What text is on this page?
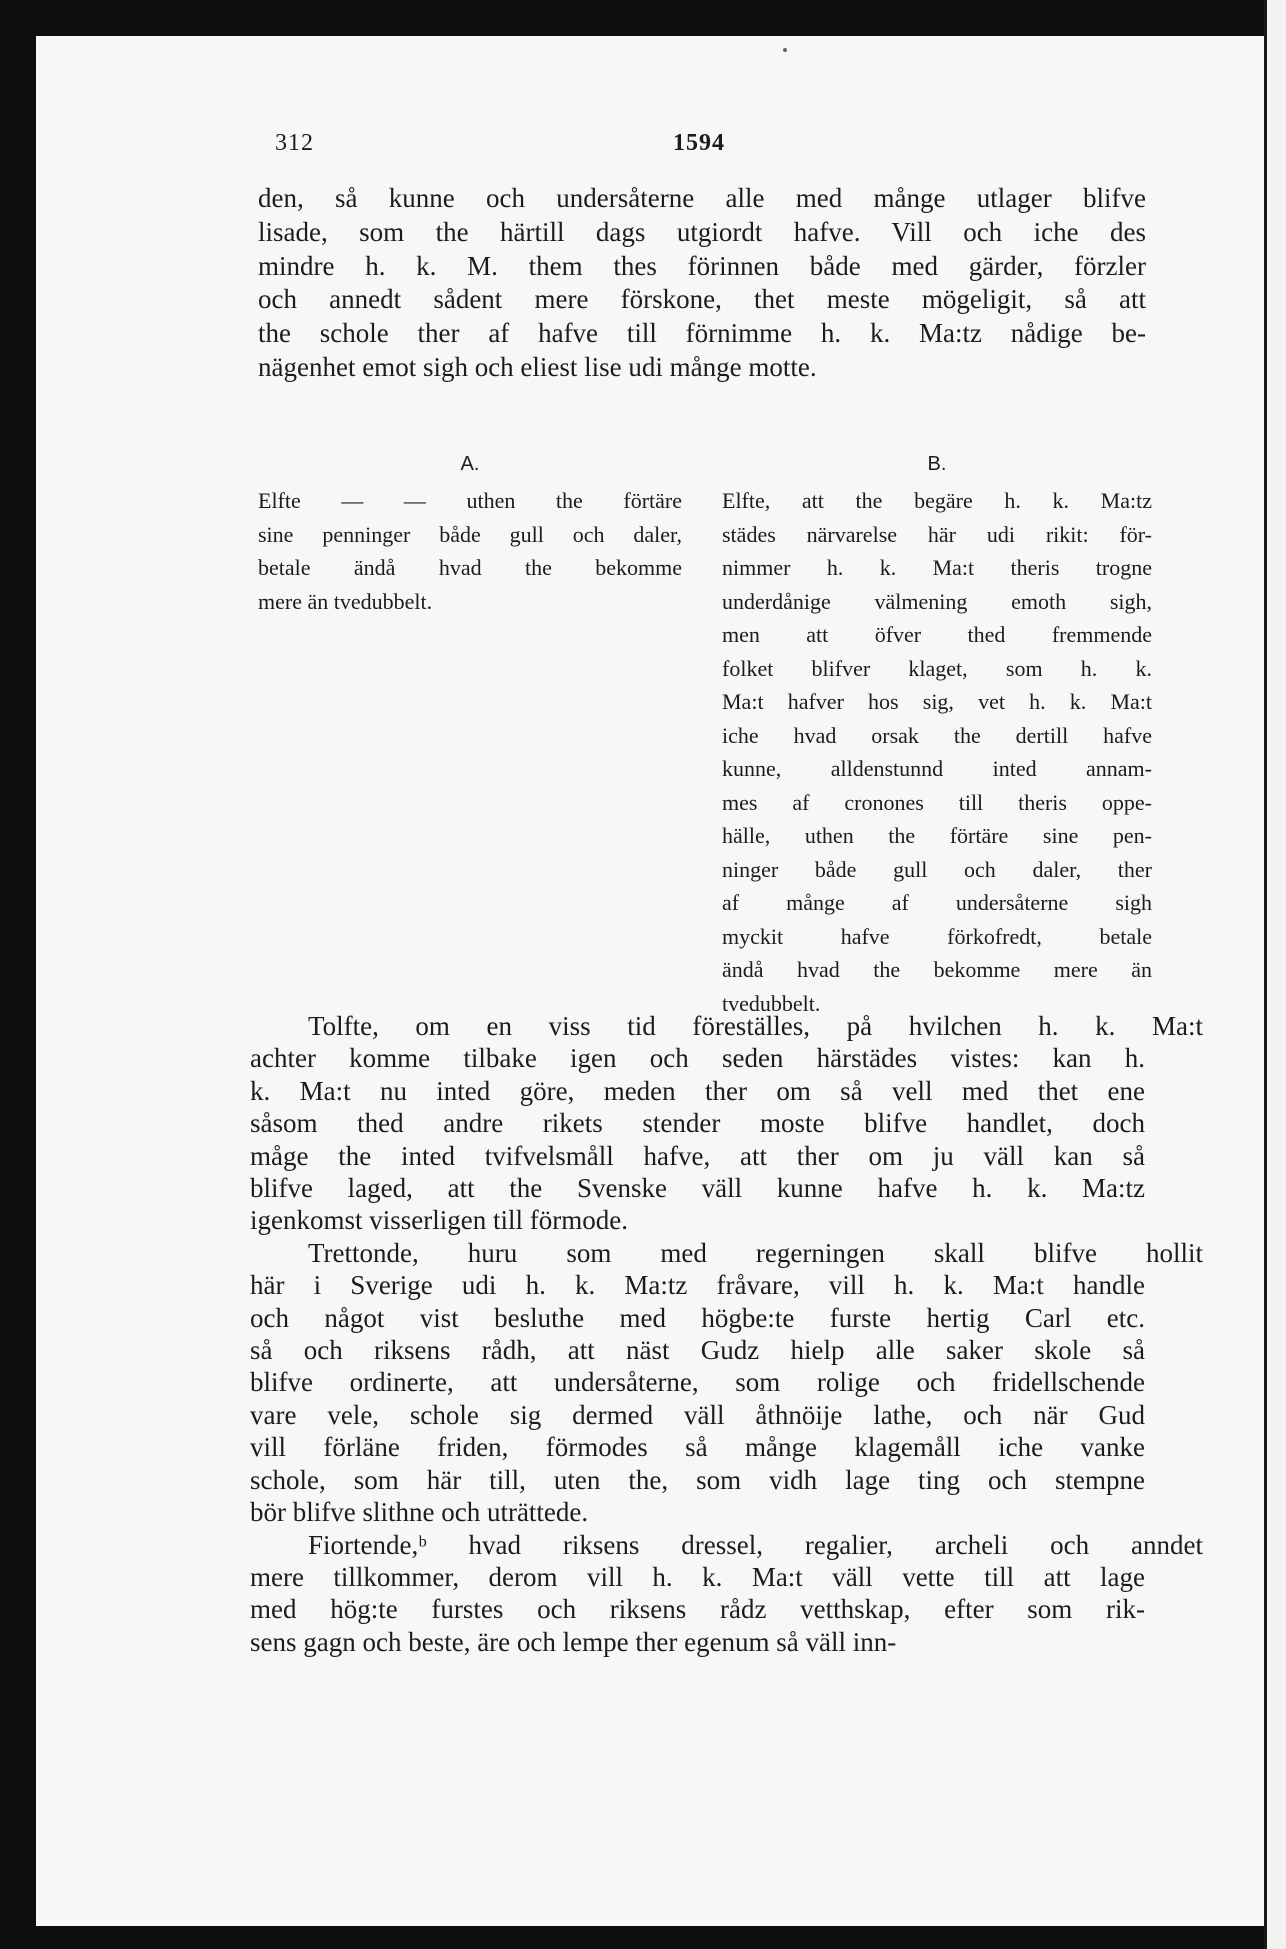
312	1594

den, så kunne och undersåterne alle med månge utlager blifve

lisade, som the härtill dags utgiordt hafve. Vill och iche des

mindre h. k. M. them thes förinnen både med gärder, förzler

och annedt sådent mere förskone, thet meste mögeligit, så att

the schole ther af hafve till förnimme h. k. Ma:tz nådige be-

nägenhet emot sigh och eliest lise udi månge motte.

A.

Elfte — — uthen the förtäre

sine penninger både gull och daler,

betale ändå hvad the bekomme

mere än tvedubbelt.

B.

Elfte, att the begäre h. k. Ma:tz

städes närvarelse här udi rikit: för-

nimmer h. k. Ma:t theris trogne

underdånige välmening emoth sigh,

men att öfver thed fremmende

folket blifver klaget, som h. k.

Ma:t hafver hos sig, vet h. k. Ma:t

iche hvad orsak the dertill hafve

kunne, alldenstunnd inted annam-

mes af cronones till theris oppe-

hälle, uthen the förtäre sine pen-

ninger både gull och daler, ther

af månge af undersåterne sigh

myckit hafve förkofredt, betale

ändå hvad the bekomme mere än

tvedubbelt.

Tolfte, om en viss tid föreställes, på hvilchen h. k. Ma:t

achter komme tilbake igen och seden härstädes vistes: kan h.

k. Ma:t nu inted göre, meden ther om så vell med thet ene

såsom thed andre rikets stender moste blifve handlet, doch

måge the inted tvifvelsmåll hafve, att ther om ju väll kan så

blifve laged, att the Svenske väll kunne hafve h. k. Ma:tz

igenkomst visserligen till förmode.

Trettonde, huru som med regerningen skall blifve hollit

här i Sverige udi h. k. Ma:tz fråvare, vill h. k. Ma:t handle

och något vist besluthe med högbe:te furste hertig Carl etc.

så och riksens rådh, att näst Gudz hielp alle saker skole så

blifve ordinerte, att undersåterne, som rolige och fridellschende

vare vele, schole sig dermed väll åthnöije lathe, och när Gud

vill förläne friden, förmodes så månge klagemåll iche vanke

schole, som här till, uten the, som vidh lage ting och stempne

bör blifve slithne och uträttede.

Fiortende,ᵇ hvad riksens dressel, regalier, archeli och anndet

mere tillkommer, derom vill h. k. Ma:t väll vette till att lage

med hög:te furstes och riksens rådz vetthskap, efter som rik-

sens gagn och beste, äre och lempe ther egenum så väll inn-
